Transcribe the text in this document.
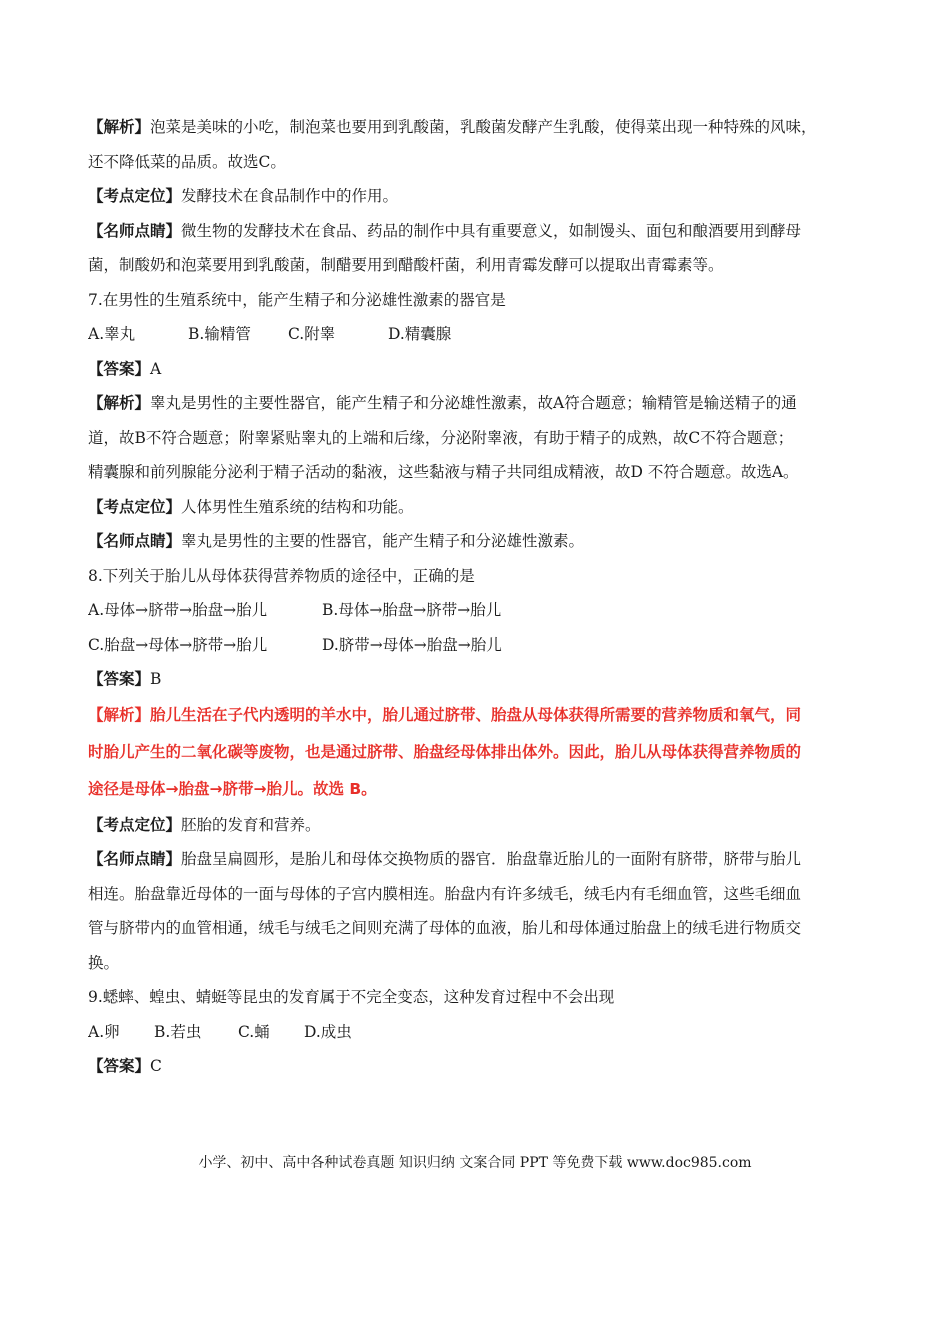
【解析】泡菜是美味的小吃，制泡菜也要用到乳酸菌，乳酸菌发酵产生乳酸，使得菜出现一种特殊的风味，
还不降低菜的品质。故选C。
【考点定位】发酵技术在食品制作中的作用。
【名师点睛】微生物的发酵技术在食品、药品的制作中具有重要意义，如制馒头、面包和酿酒要用到酵母
菌，制酸奶和泡菜要用到乳酸菌，制醋要用到醋酸杆菌，利用青霉发酵可以提取出青霉素等。
7.在男性的生殖系统中，能产生精子和分泌雄性激素的器官是
A.睾丸	B.输精管 C.附睾	D.精囊腺
【答案】A
【解析】睾丸是男性的主要性器官，能产生精子和分泌雄性激素，故A符合题意；输精管是输送精子的通
道，故B不符合题意；附睾紧贴睾丸的上端和后缘，分泌附睾液，有助于精子的成熟，故C不符合题意；
精囊腺和前列腺能分泌利于精子活动的黏液，这些黏液与精子共同组成精液，故D 不符合题意。故选A。
【考点定位】人体男性生殖系统的结构和功能。
【名师点睛】睾丸是男性的主要的性器官，能产生精子和分泌雄性激素。
8.下列关于胎儿从母体获得营养物质的途径中，正确的是
A.母体→脐带→胎盘→胎儿	B.母体→胎盘→脐带→胎儿
C.胎盘→母体→脐带→胎儿	D.脐带→母体→胎盘→胎儿
【答案】B
【解析】胎儿生活在子代内透明的羊水中，胎儿通过脐带、胎盘从母体获得所需要的营养物质和氧气，同
时胎儿产生的二氧化碳等废物，也是通过脐带、胎盘经母体排出体外。因此，胎儿从母体获得营养物质的
途径是母体→胎盘→脐带→胎儿。故选 B。
【考点定位】胚胎的发育和营养。
【名师点睛】胎盘呈扁圆形，是胎儿和母体交换物质的器官．胎盘靠近胎儿的一面附有脐带，脐带与胎儿
相连。胎盘靠近母体的一面与母体的子宫内膜相连。胎盘内有许多绒毛，绒毛内有毛细血管，这些毛细血
管与脐带内的血管相通，绒毛与绒毛之间则充满了母体的血液，胎儿和母体通过胎盘上的绒毛进行物质交
换。
9.蟋蟀、蝗虫、蜻蜓等昆虫的发育属于不完全变态，这种发育过程中不会出现
A.卵 B.若虫 C.蛹 D.成虫
【答案】C
小学、初中、高中各种试卷真题 知识归纳 文案合同 PPT 等免费下载 www.doc985.com
